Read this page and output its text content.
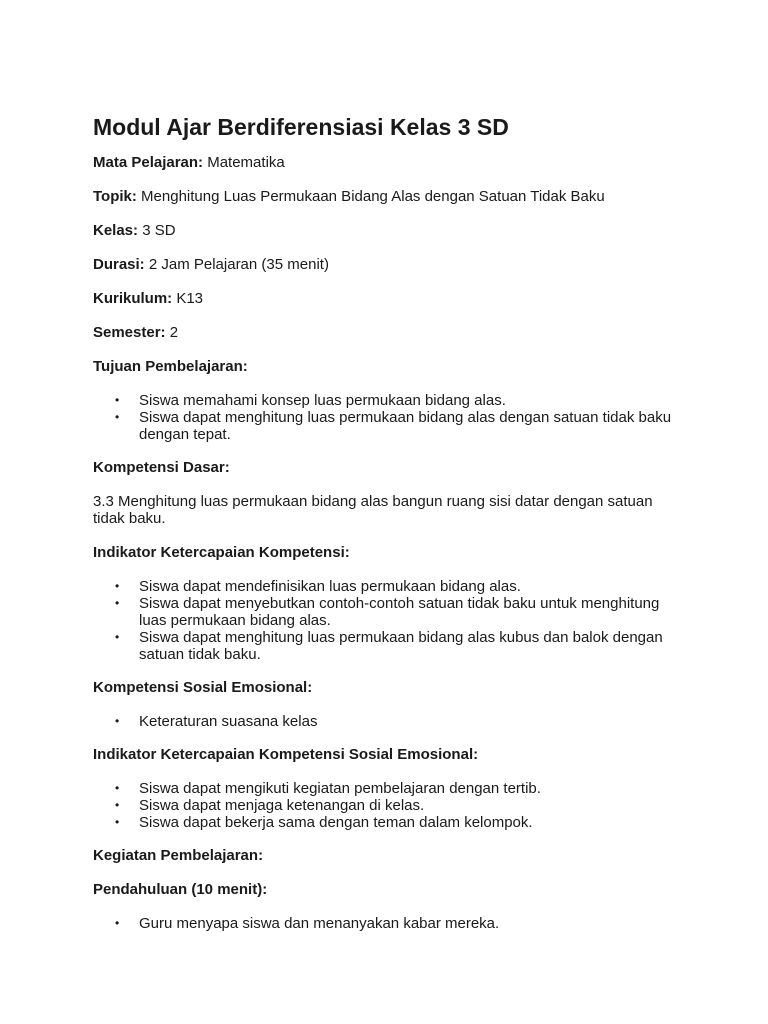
Modul Ajar Berdiferensiasi Kelas 3 SD

Mata Pelajaran: Matematika

Topik: Menghitung Luas Permukaan Bidang Alas dengan Satuan Tidak Baku

Kelas: 3 SD

Durasi: 2 Jam Pelajaran (35 menit)

Kurikulum: K13

Semester: 2

Tujuan Pembelajaran:

• Siswa memahami konsep luas permukaan bidang alas.
• Siswa dapat menghitung luas permukaan bidang alas dengan satuan tidak baku dengan tepat.

Kompetensi Dasar:

3.3 Menghitung luas permukaan bidang alas bangun ruang sisi datar dengan satuan tidak baku.

Indikator Ketercapaian Kompetensi:

• Siswa dapat mendefinisikan luas permukaan bidang alas.
• Siswa dapat menyebutkan contoh-contoh satuan tidak baku untuk menghitung luas permukaan bidang alas.
• Siswa dapat menghitung luas permukaan bidang alas kubus dan balok dengan satuan tidak baku.

Kompetensi Sosial Emosional:

• Keteraturan suasana kelas

Indikator Ketercapaian Kompetensi Sosial Emosional:

• Siswa dapat mengikuti kegiatan pembelajaran dengan tertib.
• Siswa dapat menjaga ketenangan di kelas.
• Siswa dapat bekerja sama dengan teman dalam kelompok.

Kegiatan Pembelajaran:

Pendahuluan (10 menit):

• Guru menyapa siswa dan menanyakan kabar mereka.
